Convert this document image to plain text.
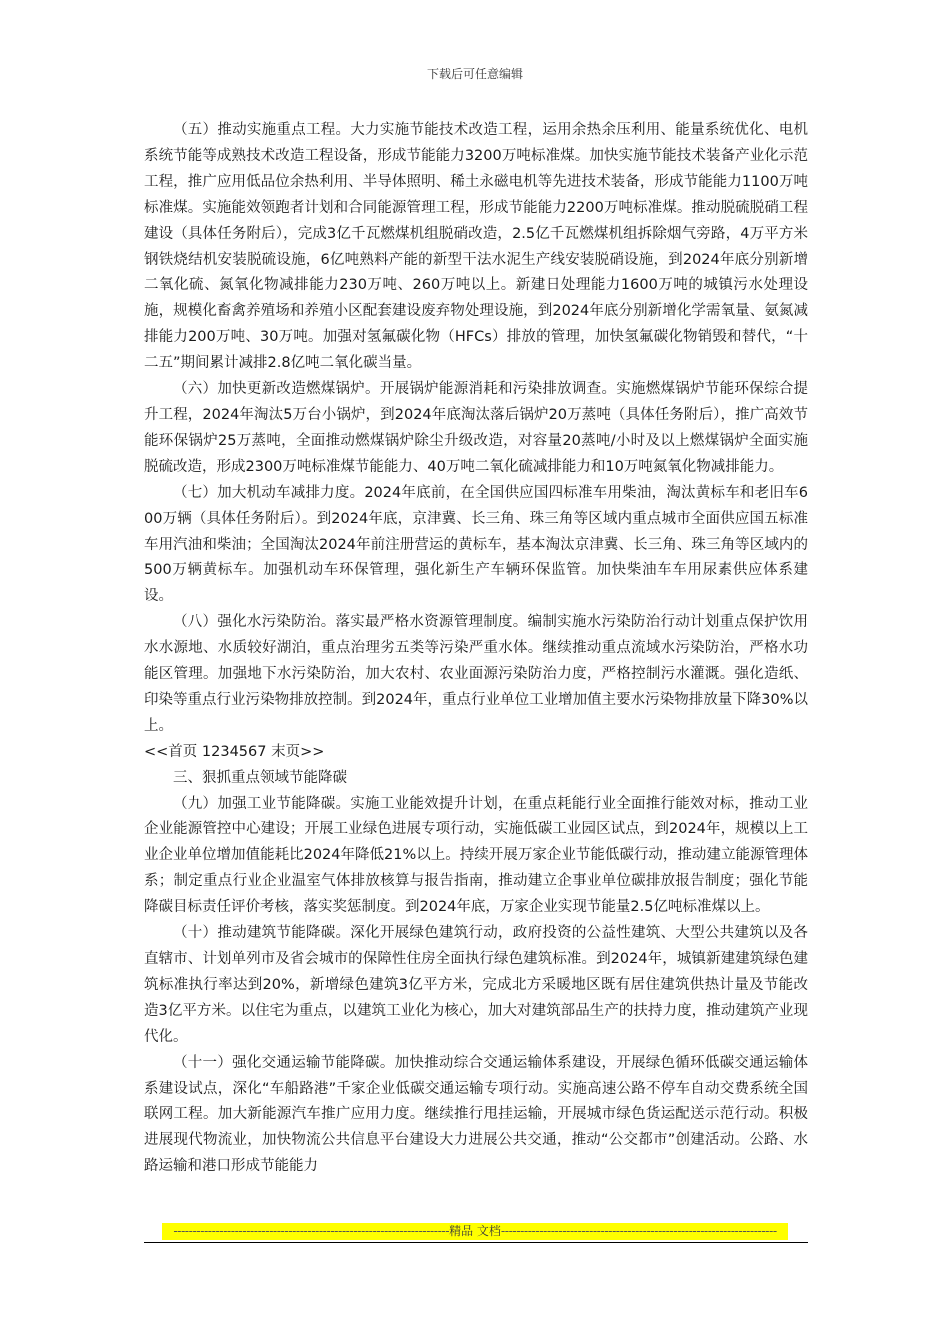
下载后可任意编辑

（五）推动实施重点工程。大力实施节能技术改造工程，运用余热余压利用、能量系统优化、电机系统节能等成熟技术改造工程设备，形成节能能力3200万吨标准煤。加快实施节能技术装备产业化示范工程，推广应用低品位余热利用、半导体照明、稀土永磁电机等先进技术装备，形成节能能力1100万吨标准煤。实施能效领跑者计划和合同能源管理工程，形成节能能力2200万吨标准煤。推动脱硫脱硝工程建设（具体任务附后），完成3亿千瓦燃煤机组脱硝改造，2.5亿千瓦燃煤机组拆除烟气旁路，4万平方米钢铁烧结机安装脱硫设施，6亿吨熟料产能的新型干法水泥生产线安装脱硝设施，到2024年底分别新增二氧化硫、氮氧化物减排能力230万吨、260万吨以上。新建日处理能力1600万吨的城镇污水处理设施，规模化畜禽养殖场和养殖小区配套建设废弃物处理设施，到2024年底分别新增化学需氧量、氨氮减排能力200万吨、30万吨。加强对氢氟碳化物（HFCs）排放的管理，加快氢氟碳化物销毁和替代，“十二五”期间累计减排2.8亿吨二氧化碳当量。

（六）加快更新改造燃煤锅炉。开展锅炉能源消耗和污染排放调查。实施燃煤锅炉节能环保综合提升工程，2024年淘汰5万台小锅炉，到2024年底淘汰落后锅炉20万蒸吨（具体任务附后），推广高效节能环保锅炉25万蒸吨，全面推动燃煤锅炉除尘升级改造，对容量20蒸吨/小时及以上燃煤锅炉全面实施脱硫改造，形成2300万吨标准煤节能能力、40万吨二氧化硫减排能力和10万吨氮氧化物减排能力。

（七）加大机动车减排力度。2024年底前，在全国供应国四标准车用柴油，淘汰黄标车和老旧车600万辆（具体任务附后）。到2024年底，京津冀、长三角、珠三角等区域内重点城市全面供应国五标准车用汽油和柴油；全国淘汰2024年前注册营运的黄标车，基本淘汰京津冀、长三角、珠三角等区域内的500万辆黄标车。加强机动车环保管理，强化新生产车辆环保监管。加快柴油车车用尿素供应体系建设。

（八）强化水污染防治。落实最严格水资源管理制度。编制实施水污染防治行动计划重点保护饮用水水源地、水质较好湖泊，重点治理劣五类等污染严重水体。继续推动重点流域水污染防治，严格水功能区管理。加强地下水污染防治，加大农村、农业面源污染防治力度，严格控制污水灌溉。强化造纸、印染等重点行业污染物排放控制。到2024年，重点行业单位工业增加值主要水污染物排放量下降30%以上。

<<首页 1234567 末页>>

三、狠抓重点领域节能降碳

（九）加强工业节能降碳。实施工业能效提升计划，在重点耗能行业全面推行能效对标，推动工业企业能源管控中心建设；开展工业绿色进展专项行动，实施低碳工业园区试点，到2024年，规模以上工业企业单位增加值能耗比2024年降低21%以上。持续开展万家企业节能低碳行动，推动建立能源管理体系；制定重点行业企业温室气体排放核算与报告指南，推动建立企事业单位碳排放报告制度；强化节能降碳目标责任评价考核，落实奖惩制度。到2024年底，万家企业实现节能量2.5亿吨标准煤以上。

（十）推动建筑节能降碳。深化开展绿色建筑行动，政府投资的公益性建筑、大型公共建筑以及各直辖市、计划单列市及省会城市的保障性住房全面执行绿色建筑标准。到2024年，城镇新建建筑绿色建筑标准执行率达到20%，新增绿色建筑3亿平方米，完成北方采暖地区既有居住建筑供热计量及节能改造3亿平方米。以住宅为重点，以建筑工业化为核心，加大对建筑部品生产的扶持力度，推动建筑产业现代化。

（十一）强化交通运输节能降碳。加快推动综合交通运输体系建设，开展绿色循环低碳交通运输体系建设试点，深化“车船路港”千家企业低碳交通运输专项行动。实施高速公路不停车自动交费系统全国联网工程。加大新能源汽车推广应用力度。继续推行甩挂运输，开展城市绿色货运配送示范行动。积极进展现代物流业，加快物流公共信息平台建设大力进展公共交通，推动“公交都市”创建活动。公路、水路运输和港口形成节能能力

------------------------------------------------------------------------精品 文档------------------------------------------------------------------------
